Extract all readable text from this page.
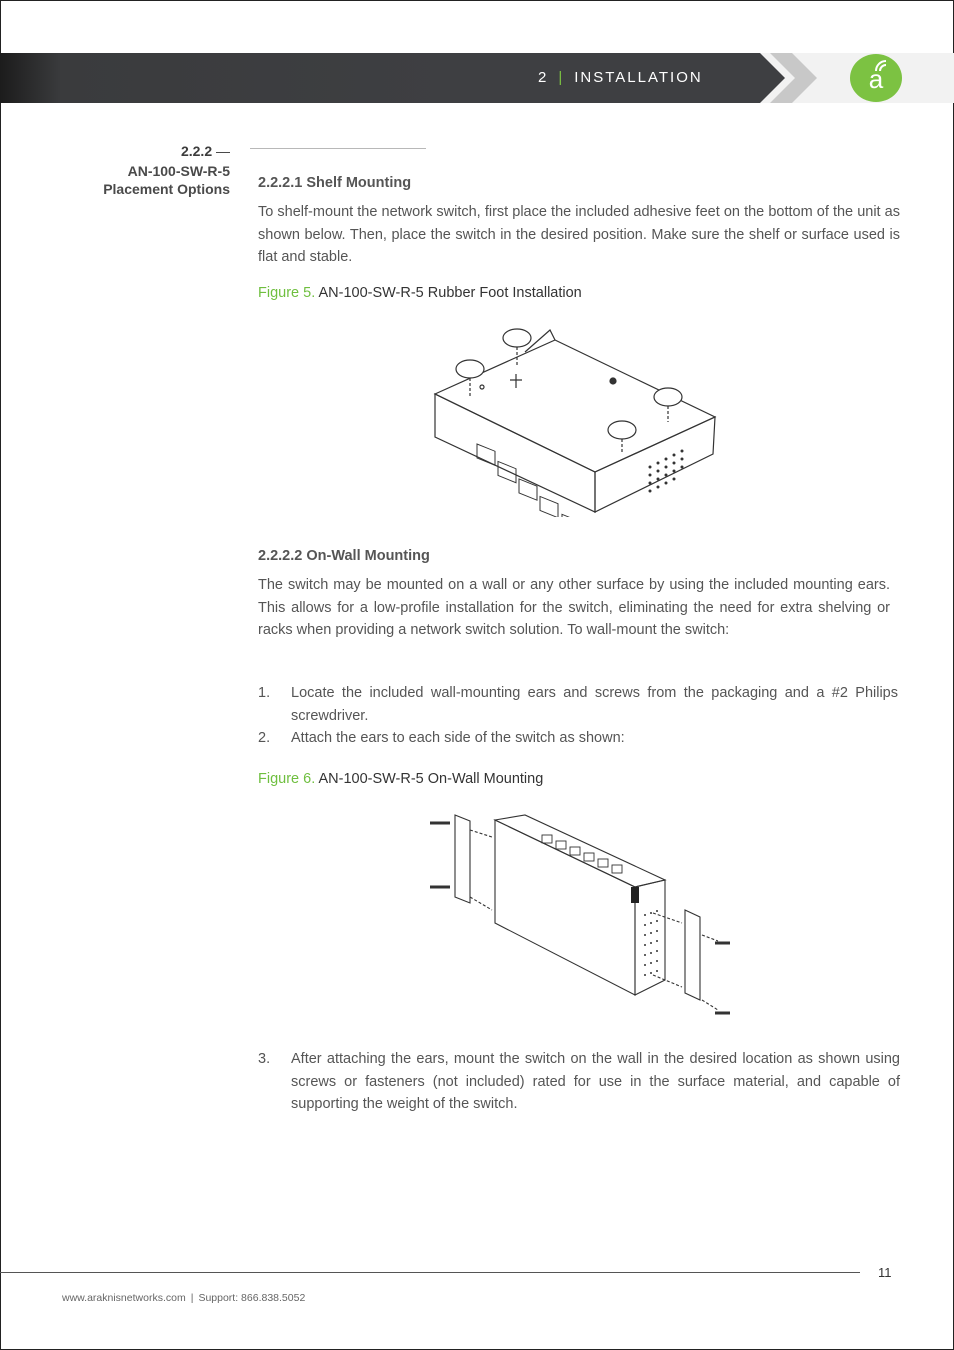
2 | INSTALLATION	a
2.2.2 —
AN-100-SW-R-5
Placement Options 2.2.2.1 Shelf Mounting

To shelf-mount the network switch, first place the included adhesive feet on the bottom of the unit as shown below. Then, place the switch in the desired position. Make sure the shelf or surface used is flat and stable.

Figure 5. AN-100-SW-R-5 Rubber Foot Installation
2.2.2.2 On-Wall Mounting

The switch may be mounted on a wall or any other surface by using the included mounting ears. This allows for a low-profile installation for the switch, eliminating the need for extra shelving or racks when providing a network switch solution. To wall-mount the switch:

1. Locate the included wall-mounting ears and screws from the packaging and a #2 Philips screwdriver.
2. Attach the ears to each side of the switch as shown:
Figure 6. AN-100-SW-R-5 On-Wall Mounting
3. After attaching the ears, mount the switch on the wall in the desired location as shown using screws or fasteners (not included) rated for use in the surface material, and capable of supporting the weight of the switch.
11
www.araknisnetworks.com | Support: 866.838.5052
